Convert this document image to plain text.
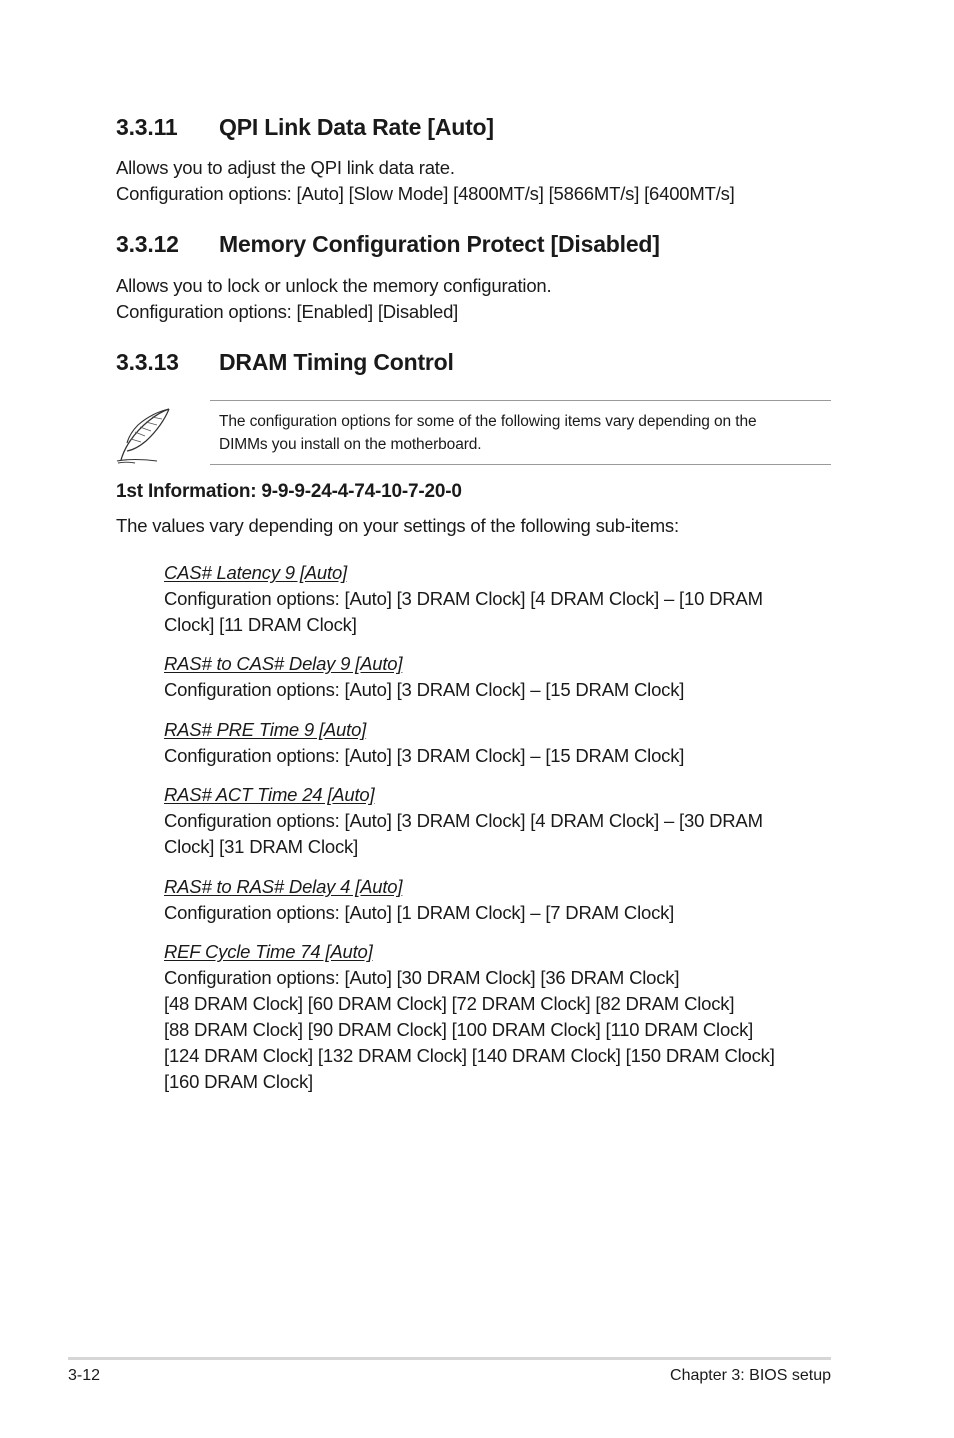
3.3.11 QPI Link Data Rate [Auto]

Allows you to adjust the QPI link data rate.

Configuration options: [Auto] [Slow Mode] [4800MT/s] [5866MT/s] [6400MT/s]

3.3.12 Memory Configuration Protect [Disabled]

Allows you to lock or unlock the memory configuration.

Configuration options: [Enabled] [Disabled]

3.3.13 DRAM Timing Control

The configuration options for some of the following items vary depending on the

DIMMs you install on the motherboard.

1st Information: 9-9-9-24-4-74-10-7-20-0

The values vary depending on your settings of the following sub-items:

CAS# Latency 9 [Auto]

Configuration options: [Auto] [3 DRAM Clock] [4 DRAM Clock] – [10 DRAM

Clock] [11 DRAM Clock]

RAS# to CAS# Delay 9 [Auto]

Configuration options: [Auto] [3 DRAM Clock] – [15 DRAM Clock]

RAS# PRE Time 9 [Auto]

Configuration options: [Auto] [3 DRAM Clock] – [15 DRAM Clock]

RAS# ACT Time 24 [Auto]

Configuration options: [Auto] [3 DRAM Clock] [4 DRAM Clock] – [30 DRAM

Clock] [31 DRAM Clock]

RAS# to RAS# Delay 4 [Auto]

Configuration options: [Auto] [1 DRAM Clock] – [7 DRAM Clock]

REF Cycle Time 74 [Auto]

Configuration options: [Auto] [30 DRAM Clock] [36 DRAM Clock]

[48 DRAM Clock] [60 DRAM Clock] [72 DRAM Clock] [82 DRAM Clock]

[88 DRAM Clock] [90 DRAM Clock] [100 DRAM Clock] [110 DRAM Clock]

[124 DRAM Clock] [132 DRAM Clock] [140 DRAM Clock] [150 DRAM Clock]

[160 DRAM Clock]

3-12	Chapter 3: BIOS setup
